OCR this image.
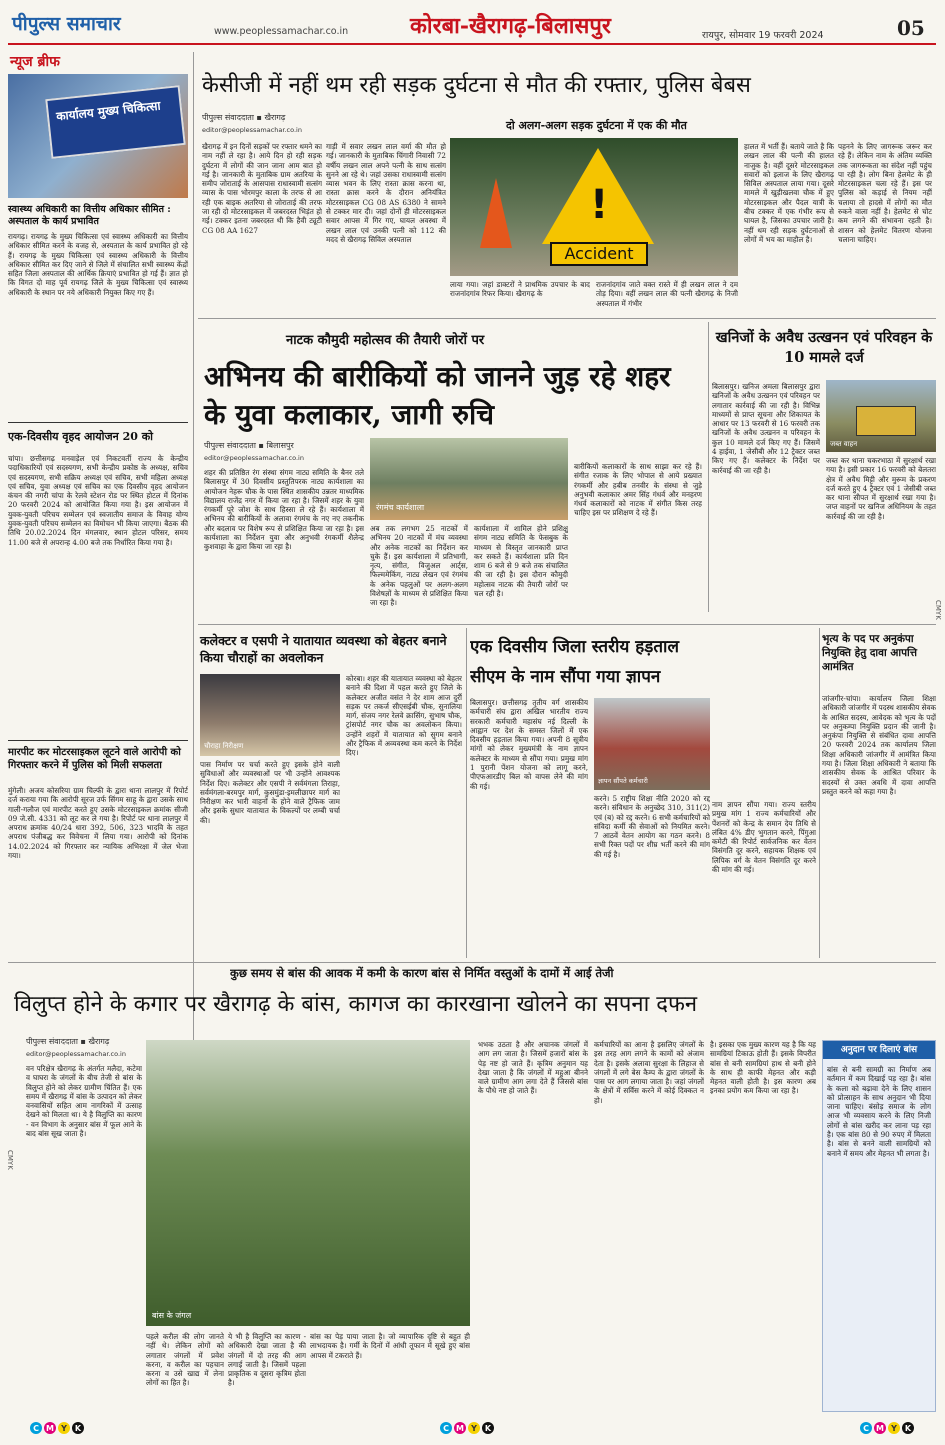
पीपुल्स समाचार	www.peoplessamachar.co.in	कोरबा-खैरागढ़-बिलासपुर	रायपुर, सोमवार 19 फरवरी 2024	05
न्यूज ब्रीफ
कार्यालय मुख्य चिकित्सा
स्वास्थ्य अधिकारी का वित्तीय अधिकार सीमित : अस्पताल के कार्य प्रभावित
रायगढ़। रायगढ़ के मुख्य चिकित्सा एवं स्वास्थ्य अधिकारी का वित्तीय अधिकार सीमित करने के वजह से, अस्पताल के कार्य प्रभावित हो रहे हैं। रायगढ़ के मुख्य चिकित्सा एवं स्वास्थ्य अधिकारी के वित्तीय अधिकार सीमित कर दिए जाने से जिले में संचालित सभी स्वास्थ्य केंद्रों सहित जिला अस्पताल की आर्थिक क्रियाएं प्रभावित हो गई हैं। ज्ञात हो कि विगत दो माह पूर्व रायगढ़ जिले के मुख्य चिकित्सा एवं स्वास्थ्य अधिकारी के स्थान पर नये अधिकारी नियुक्त किए गए हैं।
एक-दिवसीय वृहद आयोजन 20 को
चांपा। छत्तीसगढ़ मनवाड़ेल एवं निकटवर्ती राज्य के केन्द्रीय पदाधिकारियों एवं सदस्यगण, सभी केन्द्रीय प्रकोष्ठ के अध्यक्ष, सचिव एवं सदस्यगण, सभी सक्रिय अध्यक्ष एवं सचिव, सभी महिला अध्यक्ष एवं सचिव, युवा अध्यक्ष एवं सचिव का एक दिवसीय वृहद आयोजन कंचन की नगरी चांपा के रेलवे स्टेशन रोड पर स्थित होटल में दिनांक 20 फरवरी 2024 को आयोजित किया गया है। इस आयोजन में युवक-युवती परिचय सम्मेलन एवं स्वजातीय समाज के विवाह योग्य युवक-युवती परिचय सम्मेलन का विमोचन भी किया जाएगा। बैठक की तिथि 20.02.2024 दिन मंगलवार, स्थान होटल परिसर, समय 11.00 बजे से अपरान्ह 4.00 बजे तक निर्धारित किया गया है।
मारपीट कर मोटरसाइकल लूटने वाले आरोपी को गिरफ्तार करने में पुलिस को मिली सफलता
मुंगेली। अजय कोसरिया ग्राम चिल्फी के द्वारा थाना लालपुर में रिपोर्ट दर्ज कराया गया कि आरोपी सूरज उर्फ सिंगम साहू के द्वारा उसके साथ गाली-गलौज एवं मारपीट करते हुए उसके मोटरसाइकल क्रमांक सीजी 09 जे.सी. 4331 को लूट कर ले गया है। रिपोर्ट पर थाना लालपुर में अपराध क्रमांक 40/24 धारा 392, 506, 323 भादवि के तहत अपराध पंजीबद्ध कर विवेचना में लिया गया। आरोपी को दिनांक 14.02.2024 को गिरफ्तार कर न्यायिक अभिरक्षा में जेल भेजा गया।
केसीजी में नहीं थम रही सड़क दुर्घटना से मौत की रफ्तार, पुलिस बेबस
पीपुल्स संवाददाता ▪ खैरागढ़
editor@peoplessamachar.co.in	दो अलग-अलग सड़क दुर्घटना में एक की मौत
खैरागढ़ में इन दिनों सड़कों पर रफ्तार थमने का नाम नहीं ले रहा है। आये दिन हो रही सड़क दुर्घटना में लोगों की जान जाना आम बात हो गई है। जानकारी के मुताबिक ग्राम अतरिया के समीप जोराताई के आसपास राधास्वामी सत्संग व्यास के पास भोरमपुर काला के तरफ से आ रही एक बाइक अतरिया से जोराताई की तरफ जा रही दो मोटरसाइकल में जबरदस्त भिड़ंत हो गई। टक्कर इतना जबरदस्त थी कि हैवी ट्यूटी CG 08 AA 1627
गाड़ी में सवार लखन लाल वर्मा की मौत हो गई। जानकारी के मुताबिक चिंगारी निवासी 72 वर्षीय लखन लाल अपने पत्नी के साथ सत्संग सुनने आ रहे थे। जहां उसका राधास्वामी सत्संग व्यास भवन के लिए रास्ता क्रास करना था, रास्ता क्रास करने के दौरान अनियंत्रित मोटरसाइकल CG 08 AS 6380 ने सामने से टक्कर मार दी। जहां दोनों ही मोटरसाइकल सवार आपस में गिर गए, घायल अवस्था में लखन लाल एवं उनकी पत्नी को 112 की मदद से खैरागढ़ सिविल अस्पताल
!
Accident
लाया गया। जहां डाक्टरों ने प्राथमिक उपचार के बाद राजनांदगांव रिफर किया। खैरागढ़ के
राजनांदगांव जाते वक्त रास्ते में ही लखन लाल ने दम तोड़ दिया। वहीं लखन लाल की पत्नी खैरागढ़ के निजी अस्पताल में गंभीर
हालत में भर्ती हैं। बताये जाते है कि लखन लाल की पत्नी की हालत नाजुक है। वहीं दूसरे मोटरसाइकल सवारों को इलाज के लिए खैरागढ़ सिविल अस्पताल लाया गया। दूसरे मामले में खुड़ीखलवा चौक में हुए मोटरसाइकल और पैदल यात्री के बीच टक्कर में एक गंभीर रूप से घायल है, जिसका उपचार जारी है। नहीं थम रही सड़क दुर्घटनाओं से लोगों में भय का माहौल है।
पहनने के लिए जागरूक जरूर कर रहे हैं। लेकिन नाम के अंतिम व्यक्ति तक जागरूकता का संदेश नहीं पहुंच पा रही है। लोग बिना हेलमेट के ही मोटरसाइकल चला रहे हैं। इस पर पुलिस को कड़ाई से नियम नहीं चलाया तो हादसे में लोगों का मौत रुकने वाला नहीं है। हेलमेट से चोट कम लगने की संभावना रहती है। शासन को हेलमेट वितरण योजना चलाना चाहिए।
नाटक कौमुदी महोत्सव की तैयारी जोरों पर
अभिनय की बारीकियों को जानने जुड़ रहे शहर के युवा कलाकार, जागी रुचि
पीपुल्स संवाददाता ▪ बिलासपुर
editor@peoplessamachar.co.in
रंगमंच कार्यशाला
शहर की प्रतिष्ठित रंग संस्था संगम नाट्य समिति के बैनर तले बिलासपुर में 30 दिवसीय प्रस्तुतिपरक नाट्य कार्यशाला का आयोजन नेहरू चौक के पास स्थित शासकीय उन्नतर माध्यमिक विद्यालय राजेंद्र नगर में किया जा रहा है। जिसमें शहर के युवा रंगकर्मी पूरे जोश के साथ हिस्सा ले रहे हैं। कार्यशाला में अभिनय की बारीकियों के अलावा रंगमंच के नए नए तकनीक और बदलाव पर विशेष रूप से प्रशिक्षित किया जा रहा है। इस कार्यशाला का निर्देशन युवा और अनुभवी रंगकर्मी शैलेन्द्र कुशवाहा के द्वारा किया जा रहा है।
अब तक लगभग 25 नाटकों में अभिनय 20 नाटकों में मंच व्यवस्था और अनेक नाटकों का निर्देशन कर चुके हैं। इस कार्यशाला में प्रतिभागी, नृत्य, संगीत, विजुअल आर्ट्स, फिल्ममेकिंग, नाट्य लेखन एवं रंगमंच के अनेक पहलुओं पर अलग-अलग विशेषज्ञों के माध्यम से प्रशिक्षित किया जा रहा है।
कार्यशाला में शामिल होने प्रशिक्षु संगम नाट्य समिति के फेसबुक के माध्यम से विस्तृत जानकारी प्राप्त कर सकते हैं। कार्यशाला प्रति दिन शाम 6 बजे से 9 बजे तक संचालित की जा रही है। इस दौरान कौमुदी महोत्सव नाटक की तैयारी जोरों पर चल रही है।
बारीकियों कलाकारों के साथ साझा कर रहे हैं। संगीत रजाक के लिए भोपाल से आये प्रख्यात रंगकर्मी और हबीब तनवीर के संस्था से जुड़े अनुभवी कलाकार अमर सिंह गंधर्व और मनहरण गंधर्व कलाकारों को नाटक में संगीत किस तरह चाहिए इस पर प्रशिक्षण दे रहे हैं।
खनिजों के अवैध उत्खनन एवं परिवहन के 10 मामले दर्ज
बिलासपुर। खनिज अमला बिलासपुर द्वारा खनिजों के अवैध उत्खनन एवं परिवहन पर लगातार कार्रवाई की जा रही है। विभिन्न माध्यमों से प्राप्त सूचना और शिकायत के आधार पर 13 फरवरी से 16 फरवरी तक खनिजों के अवैध उत्खनन व परिवहन के कुल 10 मामले दर्ज किए गए हैं। जिसमें 4 हाईवा, 1 जेसीबी और 12 ट्रैक्टर जब्त किए गए हैं। कलेक्टर के निर्देश पर कार्रवाई की जा रही है।
जब्त वाहन
जब्त कर थाना चकरभाठा में सुरक्षार्थ रखा गया है। इसी प्रकार 16 फरवरी को बेलतरा क्षेत्र में अवैध मिट्टी और मुरूम के प्रकरण दर्ज करते हुए 4 ट्रैक्टर एवं 1 जेसीबी जब्त कर थाना सीपत में सुरक्षार्थ रखा गया है। जप्त वाहनों पर खनिज अधिनियम के तहत कार्रवाई की जा रही है।
कलेक्टर व एसपी ने यातायात व्यवस्था को बेहतर बनाने किया चौराहों का अवलोकन
चौराहा निरीक्षण
कोरबा। शहर की यातायात व्यवस्था को बेहतर बनाने की दिशा में पहल करते हुए जिले के कलेक्टर अजीत वसंत ने देर शाम आज दुर्री सड़क पर तकर्ज सीएसईबी चौक, सुनालिया मार्ग, संजय नगर रेलवे क्रासिंग, सुभाष चौक, ट्रांसपोर्ट नगर चौक का अवलोकन किया। उन्होंने शहरों में यातायात को सुगम बनाने और ट्रैफिक में अव्यवस्था कम करने के निर्देश दिए।
पास निर्माण पर चर्चा करते हुए इसके होने वाली सुविधाओं और व्यवस्थाओं पर भी उन्होंने आवश्यक निर्देश दिए। कलेक्टर और एसपी ने सर्वमंगला तिराहा, सर्वमंगला-बरमपुर मार्ग, कुसमुंडा-इमलीछापर मार्ग का निरीक्षण कर भारी वाहनों के होने वाले ट्रैफिक जाम और इसके सुधार यातायात के विकल्पों पर लम्बी चर्चा की।
एक दिवसीय जिला स्तरीय हड़ताल
सीएम के नाम सौंपा गया ज्ञापन
बिलासपुर। छत्तीसगढ़ तृतीय वर्ग शासकीय कर्मचारी संघ द्वारा अखिल भारतीय राज्य सरकारी कर्मचारी महासंघ नई दिल्ली के आह्वान पर देश के समस्त जिलों में एक दिवसीय हड़ताल किया गया। अपनी 8 सूत्रीय मांगों को लेकर मुख्यमंत्री के नाम ज्ञापन कलेक्टर के माध्यम से सौंपा गया। प्रमुख मांग 1 पुरानी पेंशन योजना को लागू करने, पीएफआरडीए बिल को वापस लेने की मांग की गई।
ज्ञापन सौंपते कर्मचारी
करने। 5 राष्ट्रीय शिक्षा नीति 2020 को रद्द करने। संविधान के अनुच्छेद 310, 311(2) एवं (ब) को रद्द करने। 6 सभी कर्मचारियों को संविदा कर्मी की सेवाओं को नियमित करने। 7 आठवें वेतन आयोग का गठन करने। 8 सभी रिक्त पदों पर शीघ्र भर्ती करने की मांग की गई है।
नाम ज्ञापन सौंपा गया। राज्य स्तरीय प्रमुख मांग 1 राज्य कर्मचारियों और पेंशनरों को केन्द्र के समान देय तिथि से लंबित 4% डीए भुगतान करने, पिंगुआ कमेटी की रिपोर्ट सार्वजनिक कर वेतन विसंगति दूर करने, सहायक शिक्षक एवं लिपिक वर्ग के वेतन विसंगति दूर करने की मांग की गई।
भृत्य के पद पर अनुकंपा नियुक्ति हेतु दावा आपत्ति आमंत्रित
जांजगीर-चांपा। कार्यालय जिला शिक्षा अधिकारी जांजगीर में पदस्थ शासकीय सेवक के आश्रित सदस्य, आवेदक को भृत्य के पदों पर अनुकम्पा नियुक्ति प्रदान की जानी है। अनुकंपा नियुक्ति से संबंधित दावा आपत्ति 20 फरवरी 2024 तक कार्यालय जिला शिक्षा अधिकारी जांजगीर में आमंत्रित किया गया है। जिला शिक्षा अधिकारी ने बताया कि शासकीय सेवक के आश्रित परिवार के सदस्यों से उक्त अवधि में दावा आपत्ति प्रस्तुत करने को कहा गया है।
कुछ समय से बांस की आवक में कमी के कारण बांस से निर्मित वस्तुओं के दामों में आई तेजी
विलुप्त होने के कगार पर खैरागढ़ के बांस, कागज का कारखाना खोलने का सपना दफन
पीपुल्स संवाददाता ▪ खैरागढ़
editor@peoplessamachar.co.in
वन परिक्षेत्र खैरागढ़ के अंतर्गत मलैदा, कटेमा व घाघरा के जंगलों के बीच तेजी से बांस के विलुप्त होने को लेकर ग्रामीण चिंतित हैं। एक समय में खैरागढ़ में बांस के उत्पादन को लेकर वनवासियों सहित आम नागरिकों में उत्साह देखने को मिलता था। ये है विलुप्ति का कारण - वन विभाग के अनुसार बांस में फूल आने के बाद बांस सूख जाता है।
बांस के जंगल
पहले करील की लोग जानते नहीं थे। लेकिन लोगों को लगातार जंगलों में प्रवेश करना, व करील का पहचान करना व उसे खाद्य में लेना लोगों का हित है।
ये भी है विलुप्ति का कारण - अधिकारी देखा जाता है की जंगलों में दो तरह की आग लगाई जाती है। जिसमें पहला प्राकृतिक व दूसरा कृत्रिम होता है।
बांस का पेड़ पाया जाता है। जो व्यापारिक दृष्टि से बहुत ही लाभदायक है। गर्मी के दिनों में आंधी तूफान में सूखे हुए बांस आपस में टकराते हैं।
भभक उठता है और अचानक जंगलों में आग लग जाता है। जिसमें हजारों बांस के पेड़ नष्ट हो जाते हैं। कृत्रिम अनुमान यह देखा जाता है कि जंगलों में महुआ बीनने वाले ग्रामीण आग लगा देते हैं जिससे बांस के पौधे नष्ट हो जाते हैं।
कर्मचारियों का आना है इसलिए जंगलों के इस तरह आग लगने के कामों को अंजाम देता है। इसके अलावा सुरक्षा के लिहाज से जंगलों में लगे बेस कैम्प के द्वारा जंगलों के पास पर आग लगाया जाता है। जहां जंगलों के क्षेत्रों में सर्विस करने में कोई दिक्कत न हो।
है। इसका एक मुख्य कारण यह है कि यह सामग्रियां टिकाऊ होती हैं। इसके विपरीत बांस से बनी सामग्रियां हाथ से बनी होने के साथ ही काफी मेहनत और कड़ी मेहनत वाली होती है। इस कारण अब इनका प्रयोग कम किया जा रहा है।
अनुदान पर दिलाएं बांस
बांस से बनी सामग्री का निर्माण अब वर्तमान में कम दिखाई पड़ रहा है। बांस के कला को बढ़ावा देने के लिए शासन को प्रोत्साहन के साथ अनुदान भी दिया जाना चाहिए। बंसोड़ समाज के लोग आज भी व्यवसाय करने के लिए निजी लोगों से बांस खरीद कर लाना पड़ रहा है। एक बांस 80 से 90 रुपए में मिलता है। बांस से बनने वाली सामग्रियों को बनाने में समय और मेहनत भी लगता है।
C M Y	K	C M Y	K	C M Y	K
CMYK
CMYK
